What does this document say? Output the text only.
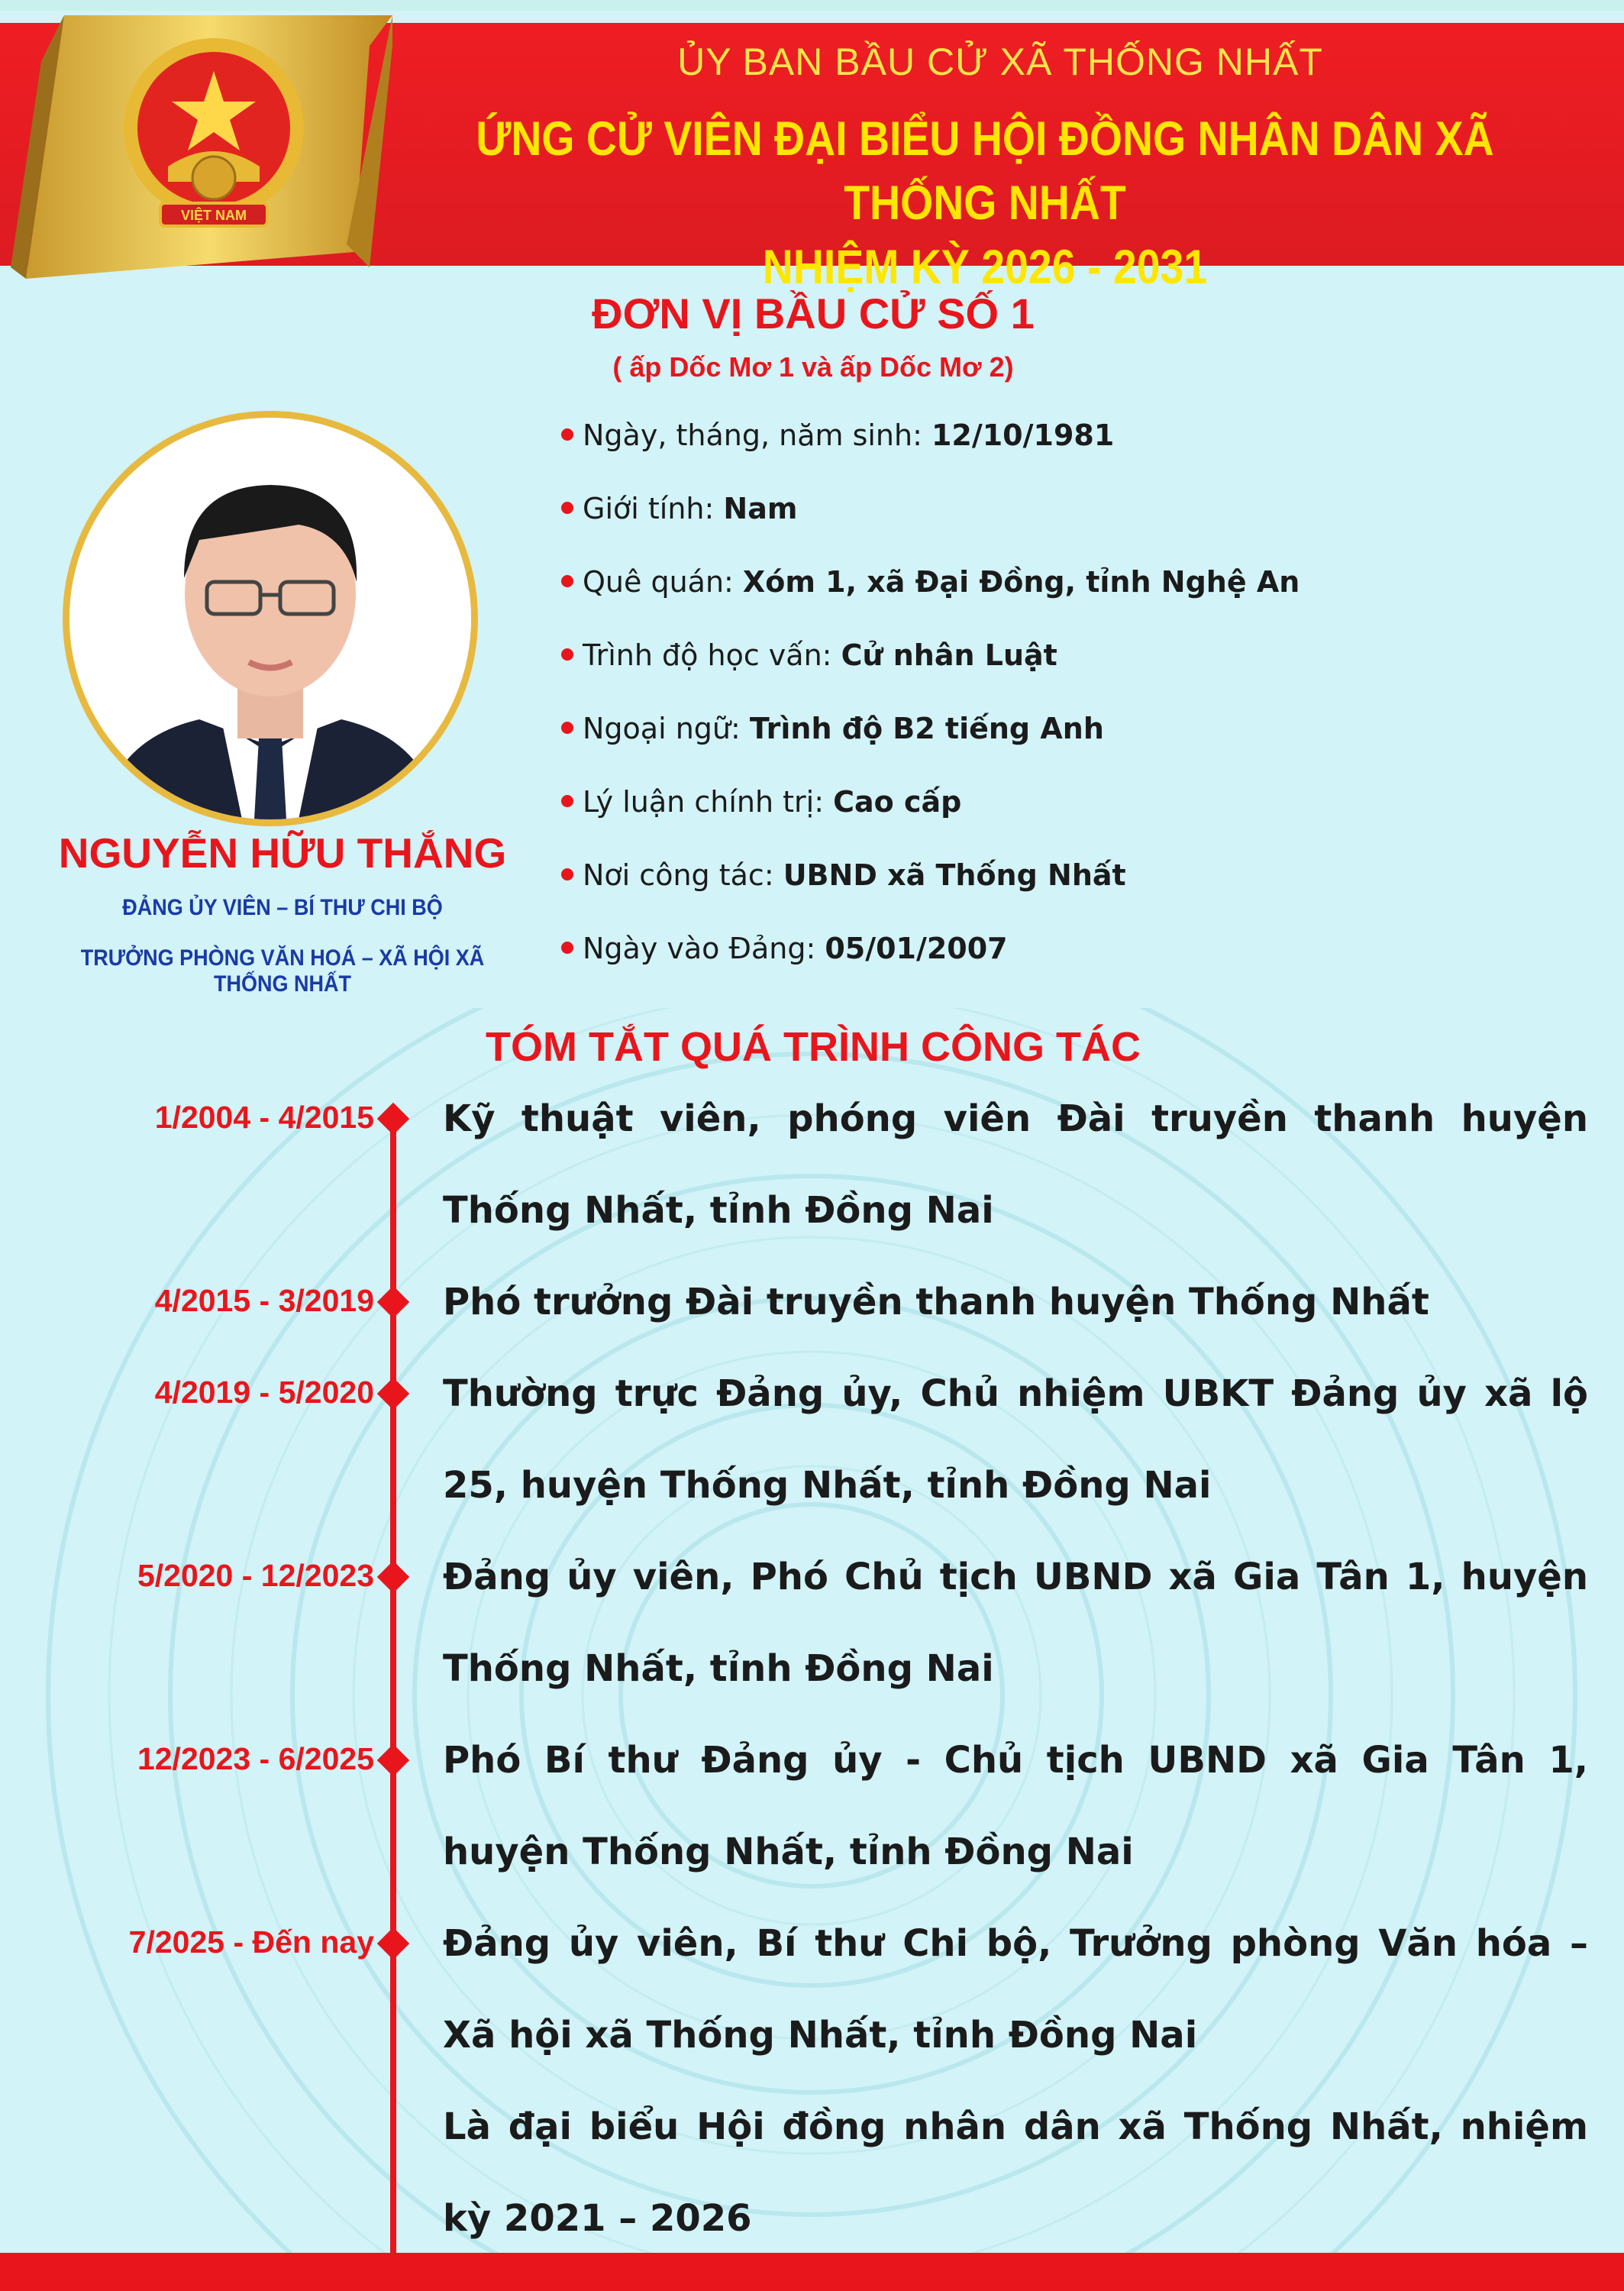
VIỆT NAM
ỦY BAN BẦU CỬ XÃ THỐNG NHẤT
ỨNG CỬ VIÊN ĐẠI BIỂU HỘI ĐỒNG NHÂN DÂN XÃ THỐNG NHẤT
NHIỆM KỲ 2026 - 2031
ĐƠN VỊ BẦU CỬ SỐ 1
( ấp Dốc Mơ 1 và ấp Dốc Mơ 2)
NGUYỄN HỮU THẮNG
ĐẢNG ỦY VIÊN – BÍ THƯ CHI BỘ
TRƯỞNG PHÒNG VĂN HOÁ – XÃ HỘI XÃ THỐNG NHẤT
Ngày, tháng, năm sinh: 12/10/1981
Giới tính: Nam
Quê quán: Xóm 1, xã Đại Đồng, tỉnh Nghệ An
Trình độ học vấn: Cử nhân Luật
Ngoại ngữ: Trình độ B2 tiếng Anh
Lý luận chính trị: Cao cấp
Nơi công tác: UBND xã Thống Nhất
Ngày vào Đảng: 05/01/2007
TÓM TẮT QUÁ TRÌNH CÔNG TÁC
1/2004 - 4/2015 Kỹ thuật viên, phóng viên Đài truyền thanh huyện Thống Nhất, tỉnh Đồng Nai
4/2015 - 3/2019 Phó trưởng Đài truyền thanh huyện Thống Nhất
4/2019 - 5/2020 Thường trực Đảng ủy, Chủ nhiệm UBKT Đảng ủy xã lộ 25, huyện Thống Nhất, tỉnh Đồng Nai
5/2020 - 12/2023 Đảng ủy viên, Phó Chủ tịch UBND xã Gia Tân 1, huyện Thống Nhất, tỉnh Đồng Nai
12/2023 - 6/2025 Phó Bí thư Đảng ủy - Chủ tịch UBND xã Gia Tân 1, huyện Thống Nhất, tỉnh Đồng Nai
7/2025 - Đến nay Đảng ủy viên, Bí thư Chi bộ, Trưởng phòng Văn hóa – Xã hội xã Thống Nhất, tỉnh Đồng Nai
Là đại biểu Hội đồng nhân dân xã Thống Nhất, nhiệm kỳ 2021 – 2026
